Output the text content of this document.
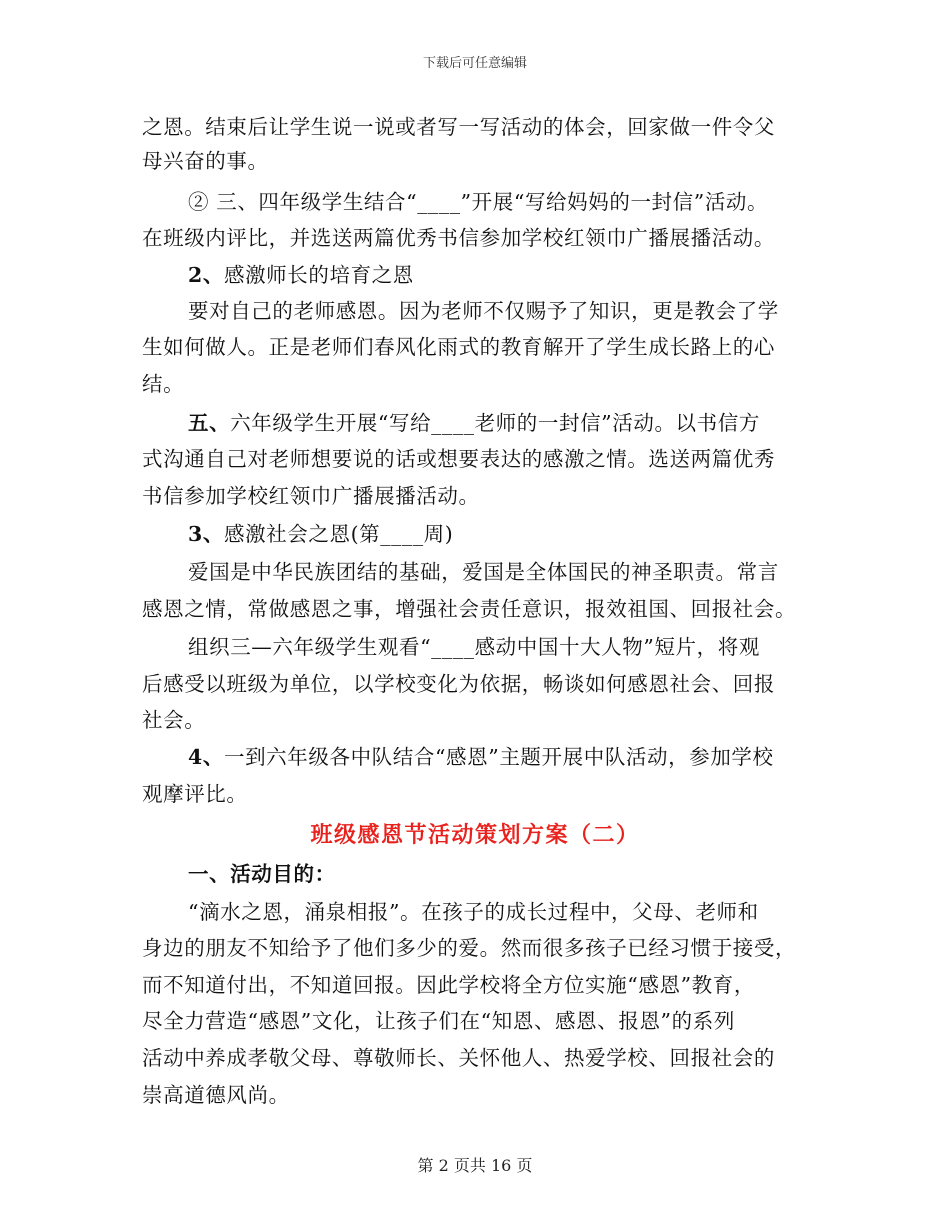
下载后可任意编辑
之恩。结束后让学生说一说或者写一写活动的体会，回家做一件令父
母兴奋的事。
② 三、四年级学生结合“____”开展“写给妈妈的一封信”活动。
在班级内评比，并选送两篇优秀书信参加学校红领巾广播展播活动。
2、感激师长的培育之恩
要对自己的老师感恩。因为老师不仅赐予了知识，更是教会了学
生如何做人。正是老师们春风化雨式的教育解开了学生成长路上的心
结。
五、六年级学生开展“写给____老师的一封信”活动。以书信方
式沟通自己对老师想要说的话或想要表达的感激之情。选送两篇优秀
书信参加学校红领巾广播展播活动。
3、感激社会之恩(第____周)
爱国是中华民族团结的基础，爱国是全体国民的神圣职责。常言
感恩之情，常做感恩之事，增强社会责任意识，报效祖国、回报社会。
组织三—六年级学生观看“____感动中国十大人物”短片，将观
后感受以班级为单位，以学校变化为依据，畅谈如何感恩社会、回报
社会。
4、一到六年级各中队结合“感恩”主题开展中队活动，参加学校
观摩评比。
班级感恩节活动策划方案（二）
一、活动目的：
“滴水之恩，涌泉相报”。在孩子的成长过程中，父母、老师和
身边的朋友不知给予了他们多少的爱。然而很多孩子已经习惯于接受，
而不知道付出，不知道回报。因此学校将全方位实施“感恩”教育，
尽全力营造“感恩”文化，让孩子们在“知恩、感恩、报恩”的系列
活动中养成孝敬父母、尊敬师长、关怀他人、热爱学校、回报社会的
崇高道德风尚。
第 2 页共 16 页
